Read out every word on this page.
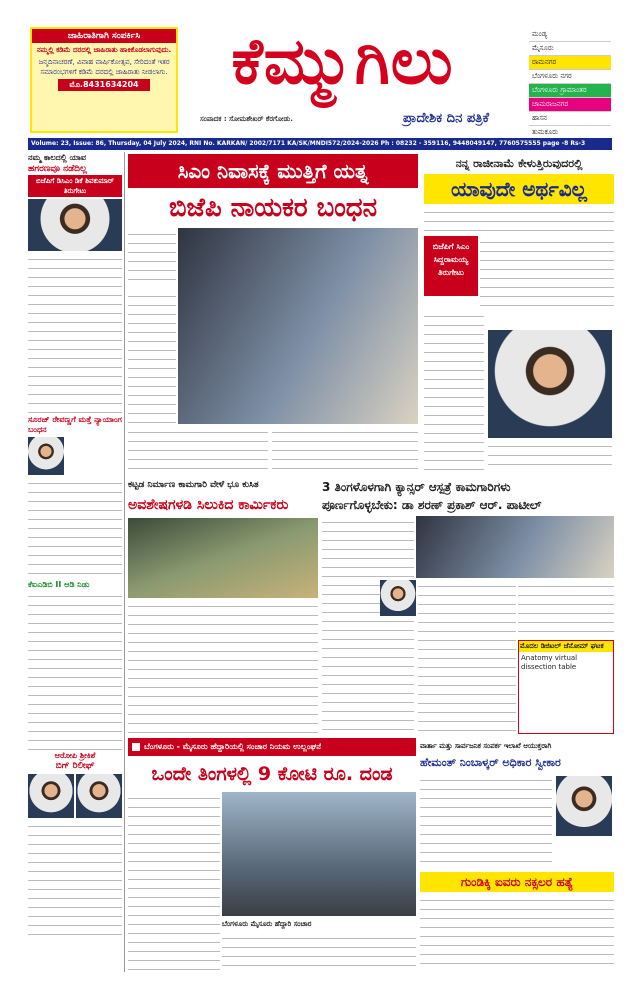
ಜಾಹಿರಾತಿಗಾಗಿ ಸಂಪರ್ಕಿಸಿ
ನಮ್ಮಲ್ಲಿ ಕಡಿಮೆ ದರದಲ್ಲಿ ಜಾಹಿರಾತು ಹಾಕಿಕೊಡಲಾಗುವುದು.
ಜನ್ಮದಿನಾಚರಣೆ, ವಿವಾಹ ವಾರ್ಷಿಕೋತ್ಸವ, ಸೇರಿದಂತೆ ಇತರ ಸಮಾರಂಭಗಳಿಗೆ ಕಡಿಮೆ ದರದಲ್ಲಿ ಜಾಹಿರಾತು ನೀಡಲಾಗು.
ಮೊ.8431634204	ಕೆಮ್ಮುಗಿಲು
ಸಂಪಾದಕ : ಸೋಮಶೇಖರ್ ಕೆರಗೋಡು.	ಪ್ರಾದೇಶಿಕ ದಿನ ಪತ್ರಿಕೆ
ಮಂಡ್ಯ
ಮೈಸೂರು
ರಾಮನಗರ
ಬೆಂಗಳೂರು ನಗರ
ಬೆಂಗಳೂರು ಗ್ರಾಮಾಂತರ
ಚಾಮರಾಜನಗರ
ಹಾಸನ
ತುಮಕೂರು
Volume: 23, Issue: 86, Thursday, 04 July 2024, RNI No. KARKAN/ 2002/7171 KA/SK/MNDI572/2024-2026 Ph : 08232 - 359116, 9448049147, 7760575555 page -8 Rs-3
ನಮ್ಮ ಕಾಲದಲ್ಲಿ ಯಾವ
ಹಗರಣವೂ ನಡೆದಿಲ್ಲ
ಬಿಜೆಪಿಗೆ ಡಿಸಿಎಂ ಡಿಕೆ ಶಿವಕುಮಾರ್ ತಿರುಗೇಟು
ಸೂರಜ್ ರೇವಣ್ಣಗೆ ಮತ್ತೆ ನ್ಯಾಯಾಂಗ ಬಂಧನ
ಕೆಐಎಡಿಬಿ II ಆಡಿ ನಿಡು
ಆರೋಪಿ ಶ್ರೀಕಿಶೆ
ಬಿಗ್ ರಿಲೀಫ್
ಸಿಎಂ ನಿವಾಸಕ್ಕೆ ಮುತ್ತಿಗೆ ಯತ್ನ
ಬಿಜೆಪಿ ನಾಯಕರ ಬಂಧನ
ನನ್ನ ರಾಜೀನಾಮೆ ಕೇಳುತ್ತಿರುವುದರಲ್ಲಿ
ಯಾವುದೇ ಅರ್ಥವಿಲ್ಲ
ಬಿಜೆಪಿಗೆ ಸಿಎಂ ಸಿದ್ದರಾಮಯ್ಯ ತಿರುಗೇಟು
ಕಟ್ಟಡ ನಿರ್ಮಾಣ ಕಾಮಗಾರಿ ವೇಳೆ ಭೂ ಕುಸಿತ
ಅವಶೇಷಗಳಡಿ ಸಿಲುಕಿದ ಕಾರ್ಮಿಕರು
3 ತಿಂಗಳೊಳಗಾಗಿ ಕ್ಯಾನ್ಸರ್ ಆಸ್ಪತ್ರೆ ಕಾಮಗಾರಿಗಳು
ಪೂರ್ಣಗೊಳ್ಳಬೇಕು: ಡಾ ಶರಣ್ ಪ್ರಕಾಶ್ ಆರ್. ಪಾಟೀಲ್
ಮೊದಲ ಡಿಜಿಟಲ್ ಜೆನೋಮ್ ಘಟಕ
Anatomy virtual dissection table
ಬೆಂಗಳೂರು - ಮೈಸೂರು ಹೆದ್ದಾರಿಯಲ್ಲಿ ಸಂಚಾರ ನಿಯಮ ಉಲ್ಲಂಘನೆ
ಒಂದೇ ತಿಂಗಳಲ್ಲಿ 9 ಕೋಟಿ ರೂ. ದಂಡ
ಬೆಂಗಳೂರು ಮೈಸೂರು ಹೆದ್ದಾರಿ ಸಂಚಾರ
ವಾರ್ತಾ ಮತ್ತು ಸಾರ್ವಜನಿಕ ಸಂಪರ್ಕ ಇಲಾಖೆ ಆಯುಕ್ತರಾಗಿ
ಹೇಮಂತ್ ನಿಂಬಾಳ್ಕರ್ ಅಧಿಕಾರ ಸ್ವೀಕಾರ
ಗುಂಡಿಕ್ಕಿ ಐವರು ನಕ್ಸಲರ ಹತ್ಯೆ
